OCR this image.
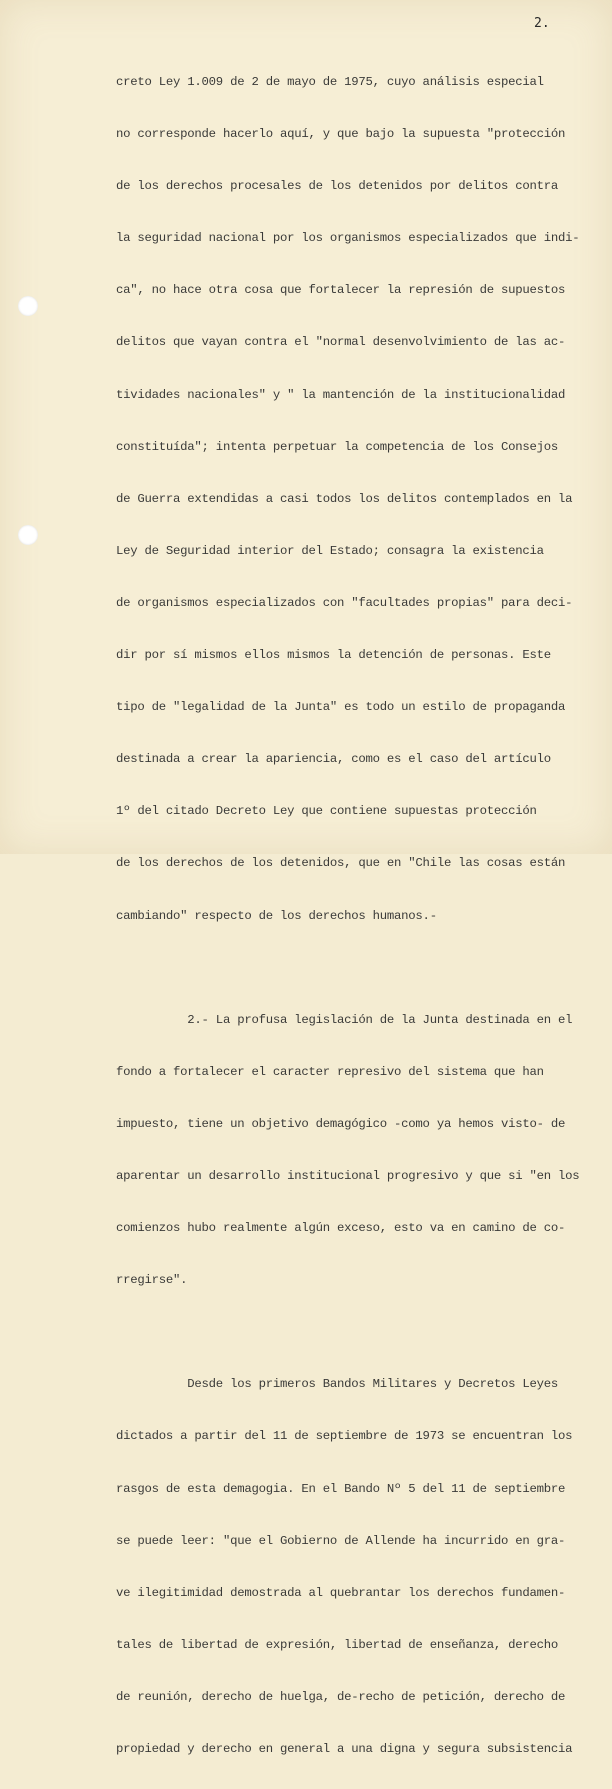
2.

creto Ley 1.009 de 2 de mayo de 1975, cuyo análisis especial

no corresponde hacerlo aquí, y que bajo la supuesta "protección

de los derechos procesales de los detenidos por delitos contra

la seguridad nacional por los organismos especializados que indi-

ca", no hace otra cosa que fortalecer la represión de supuestos

delitos que vayan contra el "normal desenvolvimiento de las ac-

tividades nacionales" y " la mantención de la institucionalidad

constituída"; intenta perpetuar la competencia de los Consejos

de Guerra extendidas a casi todos los delitos contemplados en la

Ley de Seguridad interior del Estado; consagra la existencia

de organismos especializados con "facultades propias" para deci-

dir por sí mismos ellos mismos la detención de personas. Este

tipo de "legalidad de la Junta" es todo un estilo de propaganda

destinada a crear la apariencia, como es el caso del artículo

1º del citado Decreto Ley que contiene supuestas protección

de los derechos de los detenidos, que en "Chile las cosas están

cambiando" respecto de los derechos humanos.-

2.- La profusa legislación de la Junta destinada en el

fondo a fortalecer el caracter represivo del sistema que han

impuesto, tiene un objetivo demagógico -como ya hemos visto- de

aparentar un desarrollo institucional progresivo y que si "en los

comienzos hubo realmente algún exceso, esto va en camino de co-

rregirse".

Desde los primeros Bandos Militares y Decretos Leyes

dictados a partir del 11 de septiembre de 1973 se encuentran los

rasgos de esta demagogia. En el Bando Nº 5 del 11 de septiembre

se puede leer: "que el Gobierno de Allende ha incurrido en gra-

ve ilegitimidad demostrada al quebrantar los derechos fundamen-

tales de libertad de expresión, libertad de enseñanza, derecho

de reunión, derecho de huelga, de-recho de petición, derecho de

propiedad y derecho en general a una digna y segura subsistencia
